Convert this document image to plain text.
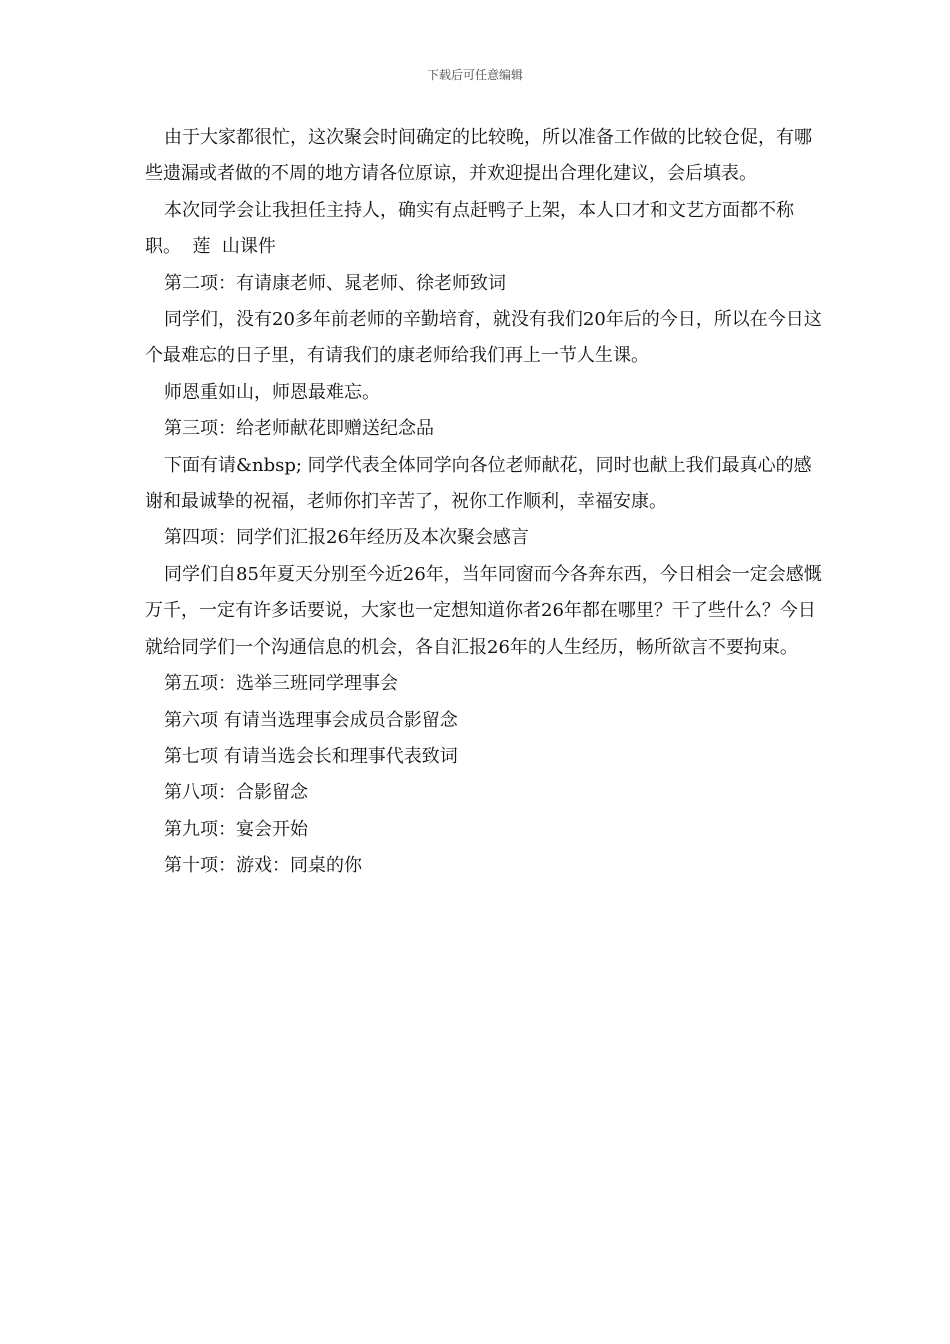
下载后可任意编辑

由于大家都很忙，这次聚会时间确定的比较晚，所以准备工作做的比较仓促，有哪些遗漏或者做的不周的地方请各位原谅，并欢迎提出合理化建议，会后填表。

本次同学会让我担任主持人，确实有点赶鸭子上架，本人口才和文艺方面都不称职。  莲  山课件

第二项：有请康老师、晁老师、徐老师致词

同学们，没有20多年前老师的辛勤培育，就没有我们20年后的今日，所以在今日这个最难忘的日子里，有请我们的康老师给我们再上一节人生课。

师恩重如山，师恩最难忘。

第三项：给老师献花即赠送纪念品

下面有请&nbsp; 同学代表全体同学向各位老师献花，同时也献上我们最真心的感谢和最诚挚的祝福，老师你扪辛苦了，祝你工作顺利，幸福安康。

第四项：同学们汇报26年经历及本次聚会感言

同学们自85年夏天分别至今近26年，当年同窗而今各奔东西，今日相会一定会感慨万千，一定有许多话要说，大家也一定想知道你者26年都在哪里？干了些什么？今日就给同学们一个沟通信息的机会，各自汇报26年的人生经历，畅所欲言不要拘束。

第五项：选举三班同学理事会

第六项 有请当选理事会成员合影留念

第七项 有请当选会长和理事代表致词

第八项：合影留念

第九项：宴会开始

第十项：游戏：同桌的你
